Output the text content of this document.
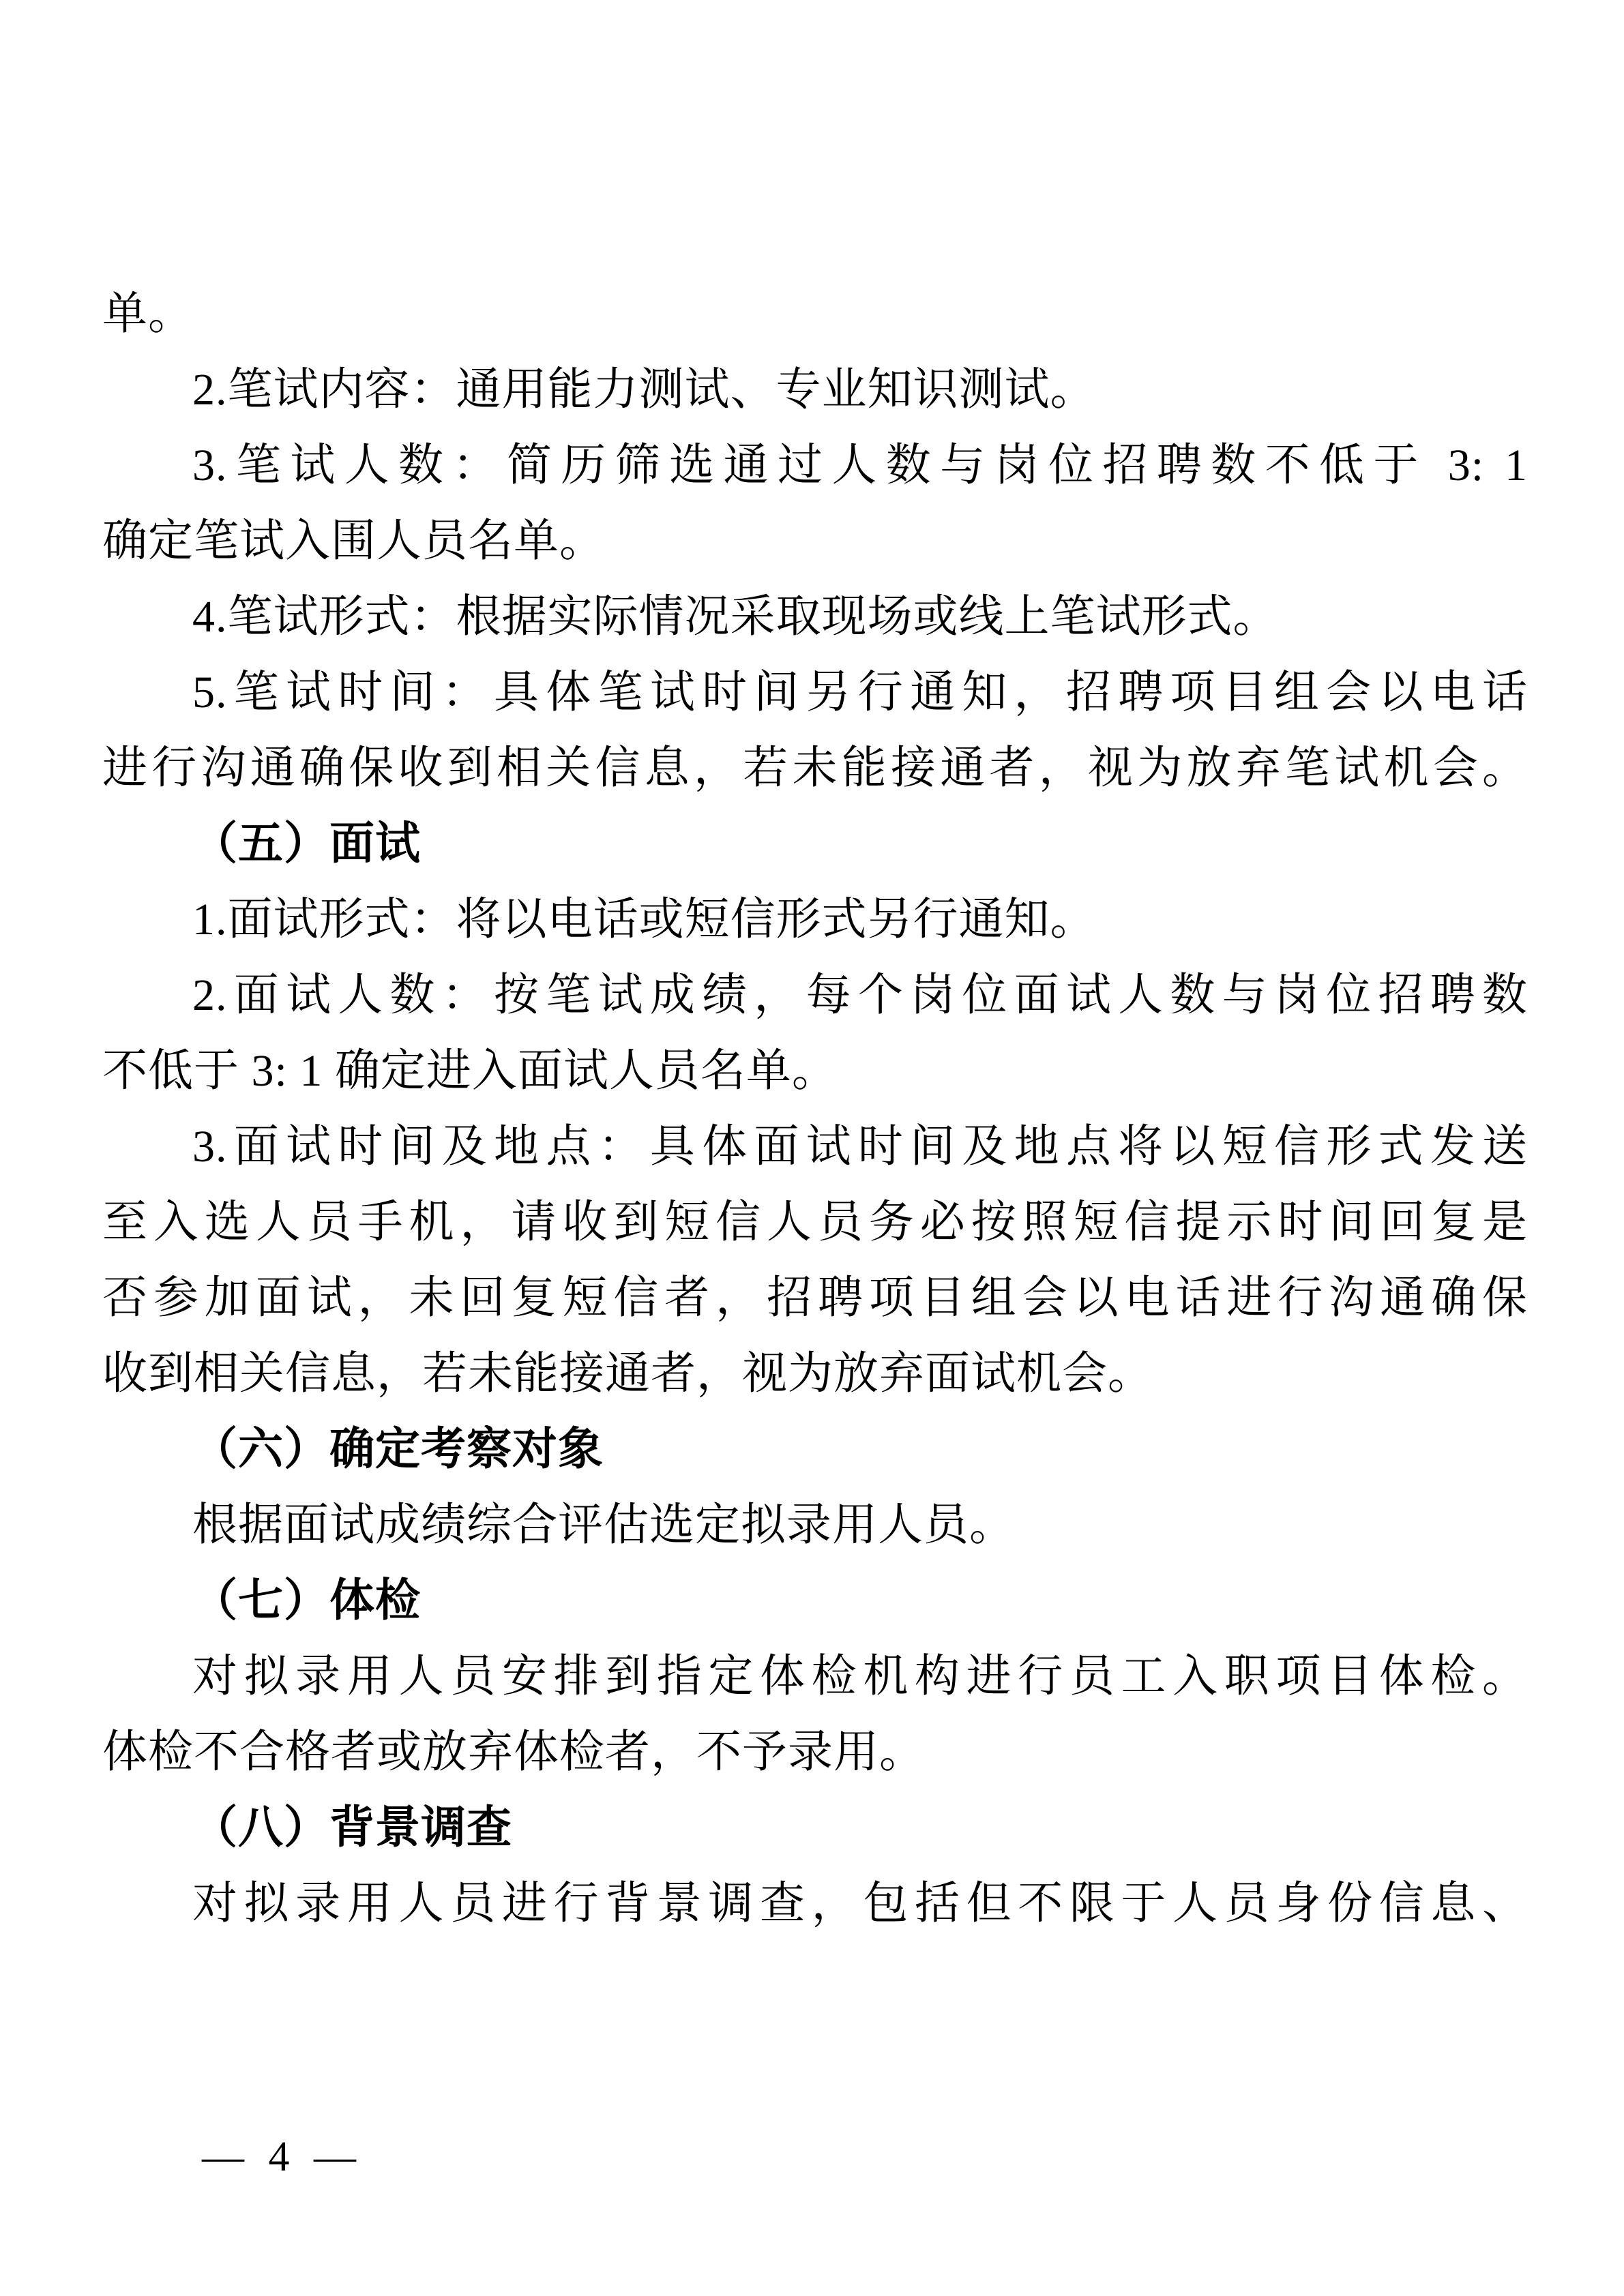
单。

2.笔试内容：通用能力测试、专业知识测试。

3.笔试人数：简历筛选通过人数与岗位招聘数不低于 3: 1

确定笔试入围人员名单。

4.笔试形式：根据实际情况采取现场或线上笔试形式。

5.笔试时间：具体笔试时间另行通知，招聘项目组会以电话

进行沟通确保收到相关信息，若未能接通者，视为放弃笔试机会。

（五）面试

1.面试形式：将以电话或短信形式另行通知。

2.面试人数：按笔试成绩，每个岗位面试人数与岗位招聘数

不低于 3: 1 确定进入面试人员名单。

3.面试时间及地点：具体面试时间及地点将以短信形式发送

至入选人员手机，请收到短信人员务必按照短信提示时间回复是

否参加面试，未回复短信者，招聘项目组会以电话进行沟通确保

收到相关信息，若未能接通者，视为放弃面试机会。

（六）确定考察对象

根据面试成绩综合评估选定拟录用人员。

（七）体检

对拟录用人员安排到指定体检机构进行员工入职项目体检。

体检不合格者或放弃体检者，不予录用。

（八）背景调查

对拟录用人员进行背景调查，包括但不限于人员身份信息、

— 4 —
